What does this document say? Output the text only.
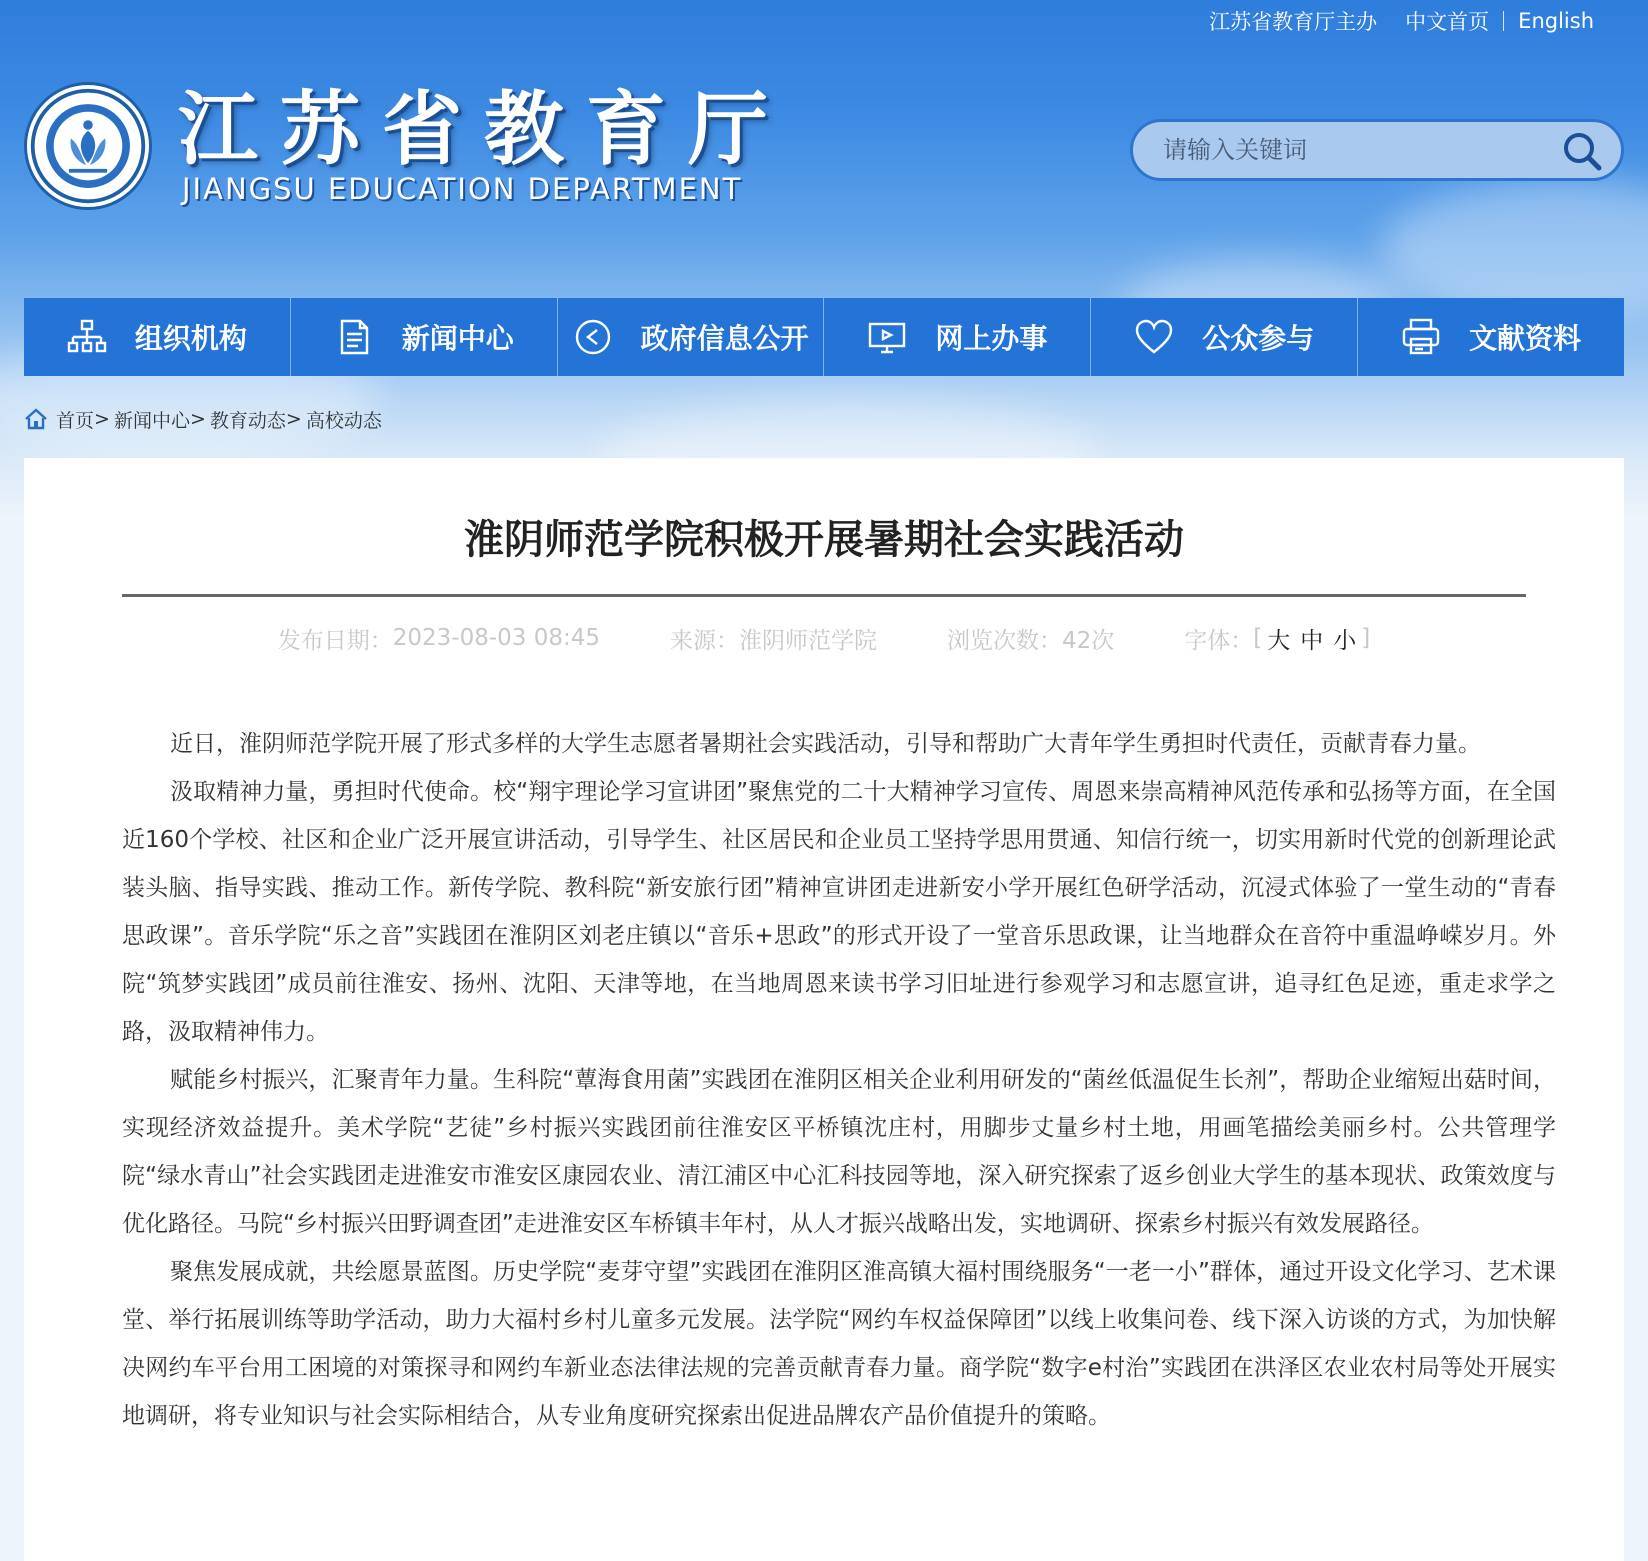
江苏省教育厅主办	中文首页	English
江苏省教育厅
JIANGSU EDUCATION DEPARTMENT
请输入关键词
组织机构	新闻中心	政府信息公开	网上办事	公众参与	文献资料
首页 > 新闻中心 > 教育动态 > 高校动态
淮阴师范学院积极开展暑期社会实践活动
发布日期： 2023-08-03 08:45	来源： 淮阴师范学院	浏览次数： 42次	字体： [ 大 中 小 ]

近日，淮阴师范学院开展了形式多样的大学生志愿者暑期社会实践活动，引导和帮助广大青年学生勇担时代责任，贡献青春力量。

汲取精神力量，勇担时代使命。校“翔宇理论学习宣讲团”聚焦党的二十大精神学习宣传、周恩来崇高精神风范传承和弘扬等方面，在全国近160个学校、社区和企业广泛开展宣讲活动，引导学生、社区居民和企业员工坚持学思用贯通、知信行统一，切实用新时代党的创新理论武装头脑、指导实践、推动工作。新传学院、教科院“新安旅行团”精神宣讲团走进新安小学开展红色研学活动，沉浸式体验了一堂生动的“青春思政课”。音乐学院“乐之音”实践团在淮阴区刘老庄镇以“音乐+思政”的形式开设了一堂音乐思政课，让当地群众在音符中重温峥嵘岁月。外院“筑梦实践团”成员前往淮安、扬州、沈阳、天津等地，在当地周恩来读书学习旧址进行参观学习和志愿宣讲，追寻红色足迹，重走求学之路，汲取精神伟力。

赋能乡村振兴，汇聚青年力量。生科院“蕈海食用菌”实践团在淮阴区相关企业利用研发的“菌丝低温促生长剂”，帮助企业缩短出菇时间，实现经济效益提升。美术学院“艺徒”乡村振兴实践团前往淮安区平桥镇沈庄村，用脚步丈量乡村土地，用画笔描绘美丽乡村。公共管理学院“绿水青山”社会实践团走进淮安市淮安区康园农业、清江浦区中心汇科技园等地，深入研究探索了返乡创业大学生的基本现状、政策效度与优化路径。马院“乡村振兴田野调查团”走进淮安区车桥镇丰年村，从人才振兴战略出发，实地调研、探索乡村振兴有效发展路径。

聚焦发展成就，共绘愿景蓝图。历史学院“麦芽守望”实践团在淮阴区淮高镇大福村围绕服务“一老一小”群体，通过开设文化学习、艺术课堂、举行拓展训练等助学活动，助力大福村乡村儿童多元发展。法学院“网约车权益保障团”以线上收集问卷、线下深入访谈的方式，为加快解决网约车平台用工困境的对策探寻和网约车新业态法律法规的完善贡献青春力量。商学院“数字e村治”实践团在洪泽区农业农村局等处开展实地调研，将专业知识与社会实际相结合，从专业角度研究探索出促进品牌农产品价值提升的策略。
